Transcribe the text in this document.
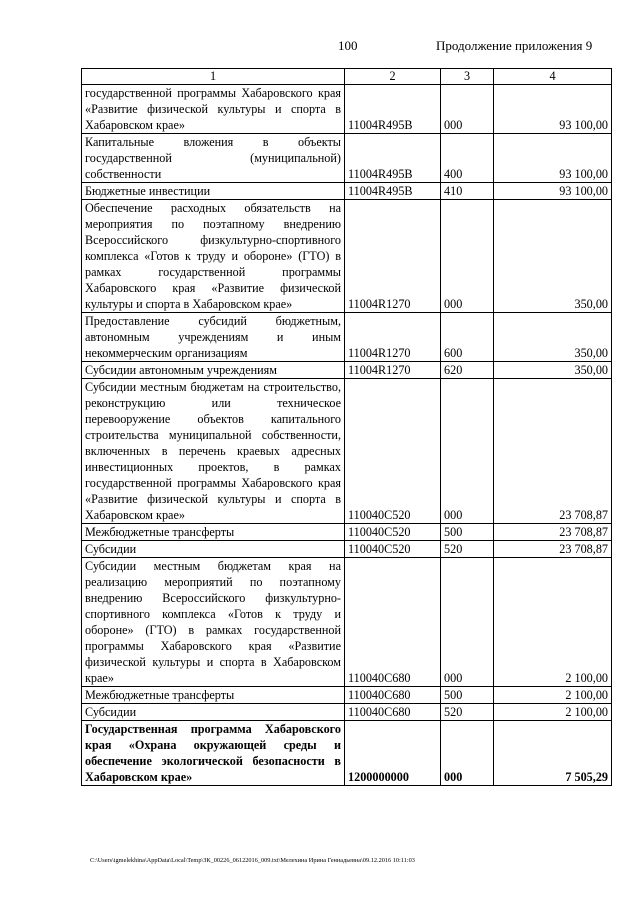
100	Продолжение приложения 9
1	2	3	4
государственной программы Хабаровского края «Развитие физической культуры и спорта в Хабаровском крае»	11004R495B	000	93 100,00
Капитальные вложения в объекты государственной (муниципальной) собственности	11004R495B	400	93 100,00
Бюджетные инвестиции	11004R495B	410	93 100,00
Обеспечение расходных обязательств на мероприятия по поэтапному внедрению Всероссийского физкультурно-спортивного комплекса «Готов к труду и обороне» (ГТО) в рамках государственной программы Хабаровского края «Развитие физической культуры и спорта в Хабаровском крае»	11004R1270	000	350,00
Предоставление субсидий бюджетным, автономным учреждениям и иным некоммерческим организациям	11004R1270	600	350,00
Субсидии автономным учреждениям	11004R1270	620	350,00
Субсидии местным бюджетам на строительство, реконструкцию или техническое перевооружение объектов капитального строительства муниципальной собственности, включенных в перечень краевых адресных инвестиционных проектов, в рамках государственной программы Хабаровского края «Развитие физической культуры и спорта в Хабаровском крае»	110040С520	000	23 708,87
Межбюджетные трансферты	110040С520	500	23 708,87
Субсидии	110040С520	520	23 708,87
Субсидии местным бюджетам края на реализацию мероприятий по поэтапному внедрению Всероссийского физкультурно-спортивного комплекса «Готов к труду и обороне» (ГТО) в рамках государственной программы Хабаровского края «Развитие физической культуры и спорта в Хабаровском крае»	110040С680	000	2 100,00
Межбюджетные трансферты	110040С680	500	2 100,00
Субсидии	110040С680	520	2 100,00
Государственная программа Хабаровского края «Охрана окружающей среды и обеспечение экологической безопасности в Хабаровском крае»	1200000000	000	7 505,29
C:\Users\igmelekhina\AppData\Local\Temp\ЗК_00226_06122016_009.txt\Мелехина Ирина Геннадьевна\09.12.2016 10:11:03
